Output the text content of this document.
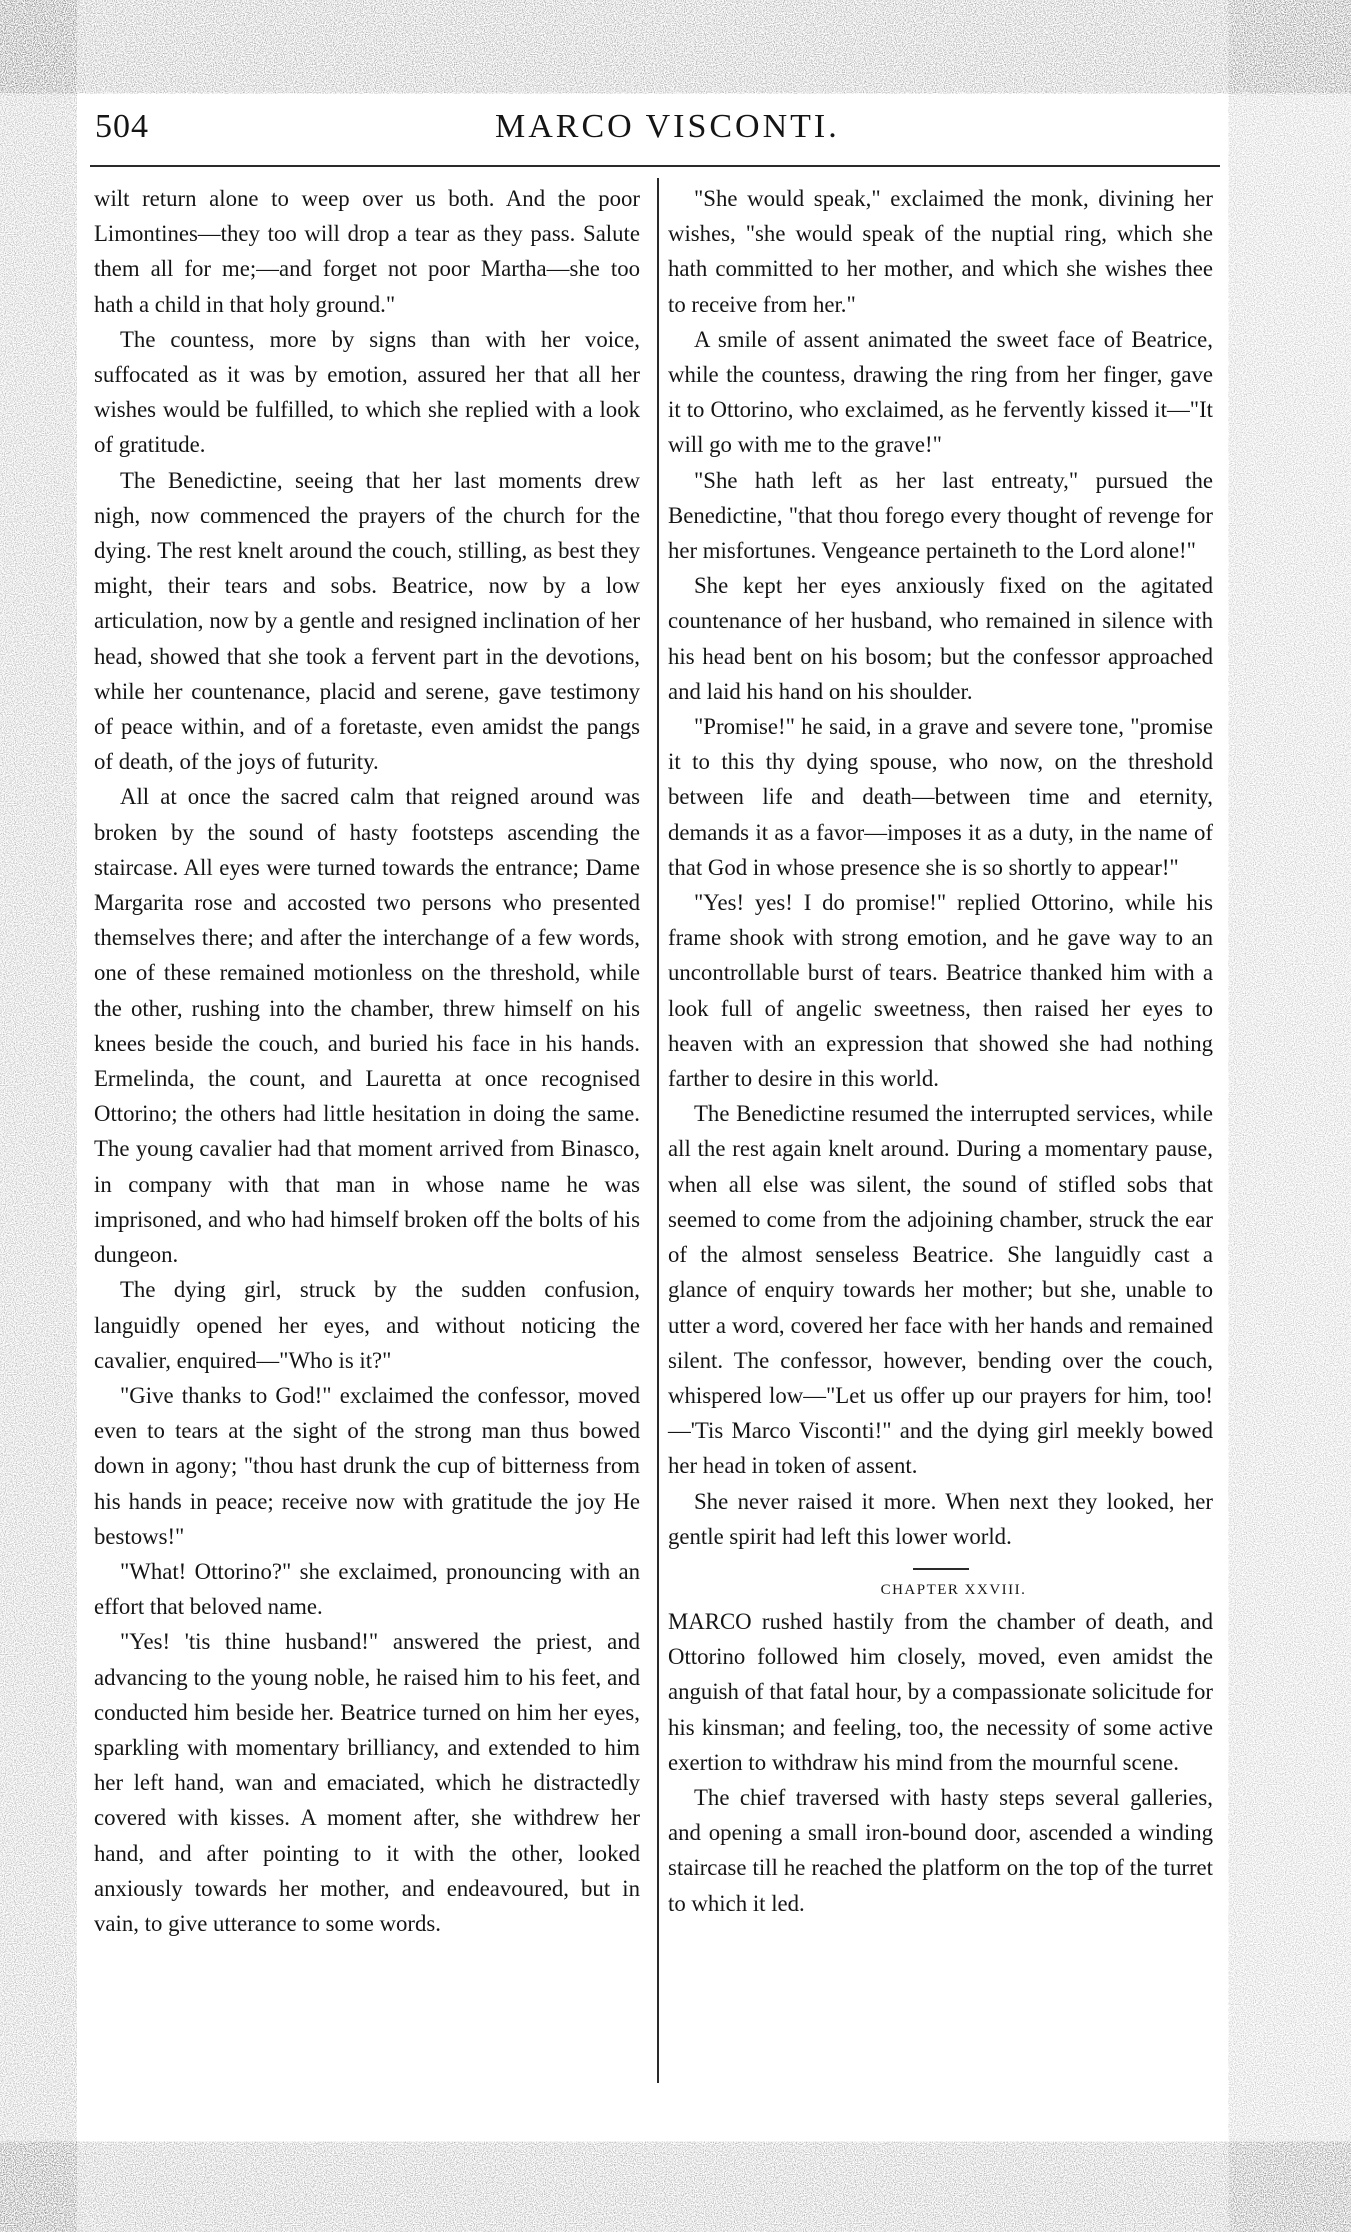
504	MARCO VISCONTI.

wilt return alone to weep over us both. And the poor Limontines—they too will drop a tear as they pass. Salute them all for me;—and forget not poor Martha—she too hath a child in that holy ground."

The countess, more by signs than with her voice, suffocated as it was by emotion, assured her that all her wishes would be fulfilled, to which she replied with a look of gratitude.

The Benedictine, seeing that her last moments drew nigh, now commenced the prayers of the church for the dying. The rest knelt around the couch, stilling, as best they might, their tears and sobs. Beatrice, now by a low articulation, now by a gentle and resigned inclination of her head, showed that she took a fervent part in the devotions, while her countenance, placid and serene, gave testimony of peace within, and of a foretaste, even amidst the pangs of death, of the joys of futurity.

All at once the sacred calm that reigned around was broken by the sound of hasty footsteps ascending the staircase. All eyes were turned towards the entrance; Dame Margarita rose and accosted two persons who presented themselves there; and after the interchange of a few words, one of these remained motionless on the threshold, while the other, rushing into the chamber, threw himself on his knees beside the couch, and buried his face in his hands. Ermelinda, the count, and Lauretta at once recognised Ottorino; the others had little hesitation in doing the same. The young cavalier had that moment arrived from Binasco, in company with that man in whose name he was imprisoned, and who had himself broken off the bolts of his dungeon.

The dying girl, struck by the sudden confusion, languidly opened her eyes, and without noticing the cavalier, enquired—"Who is it?"

"Give thanks to God!" exclaimed the confessor, moved even to tears at the sight of the strong man thus bowed down in agony; "thou hast drunk the cup of bitterness from his hands in peace; receive now with gratitude the joy He bestows!"

"What! Ottorino?" she exclaimed, pronouncing with an effort that beloved name.

"Yes! 'tis thine husband!" answered the priest, and advancing to the young noble, he raised him to his feet, and conducted him beside her. Beatrice turned on him her eyes, sparkling with momentary brilliancy, and extended to him her left hand, wan and emaciated, which he distractedly covered with kisses. A moment after, she withdrew her hand, and after pointing to it with the other, looked anxiously towards her mother, and endeavoured, but in vain, to give utterance to some words.

"She would speak," exclaimed the monk, divining her wishes, "she would speak of the nuptial ring, which she hath committed to her mother, and which she wishes thee to receive from her."

A smile of assent animated the sweet face of Beatrice, while the countess, drawing the ring from her finger, gave it to Ottorino, who exclaimed, as he fervently kissed it—"It will go with me to the grave!"

"She hath left as her last entreaty," pursued the Benedictine, "that thou forego every thought of revenge for her misfortunes. Vengeance pertaineth to the Lord alone!"

She kept her eyes anxiously fixed on the agitated countenance of her husband, who remained in silence with his head bent on his bosom; but the confessor approached and laid his hand on his shoulder.

"Promise!" he said, in a grave and severe tone, "promise it to this thy dying spouse, who now, on the threshold between life and death—between time and eternity, demands it as a favor—imposes it as a duty, in the name of that God in whose presence she is so shortly to appear!"

"Yes! yes! I do promise!" replied Ottorino, while his frame shook with strong emotion, and he gave way to an uncontrollable burst of tears. Beatrice thanked him with a look full of angelic sweetness, then raised her eyes to heaven with an expression that showed she had nothing farther to desire in this world.

The Benedictine resumed the interrupted services, while all the rest again knelt around. During a momentary pause, when all else was silent, the sound of stifled sobs that seemed to come from the adjoining chamber, struck the ear of the almost senseless Beatrice. She languidly cast a glance of enquiry towards her mother; but she, unable to utter a word, covered her face with her hands and remained silent. The confessor, however, bending over the couch, whispered low—"Let us offer up our prayers for him, too!—'Tis Marco Visconti!" and the dying girl meekly bowed her head in token of assent.

She never raised it more. When next they looked, her gentle spirit had left this lower world.

CHAPTER XXVIII.

MARCO rushed hastily from the chamber of death, and Ottorino followed him closely, moved, even amidst the anguish of that fatal hour, by a compassionate solicitude for his kinsman; and feeling, too, the necessity of some active exertion to withdraw his mind from the mournful scene.

The chief traversed with hasty steps several galleries, and opening a small iron-bound door, ascended a winding staircase till he reached the platform on the top of the turret to which it led.
